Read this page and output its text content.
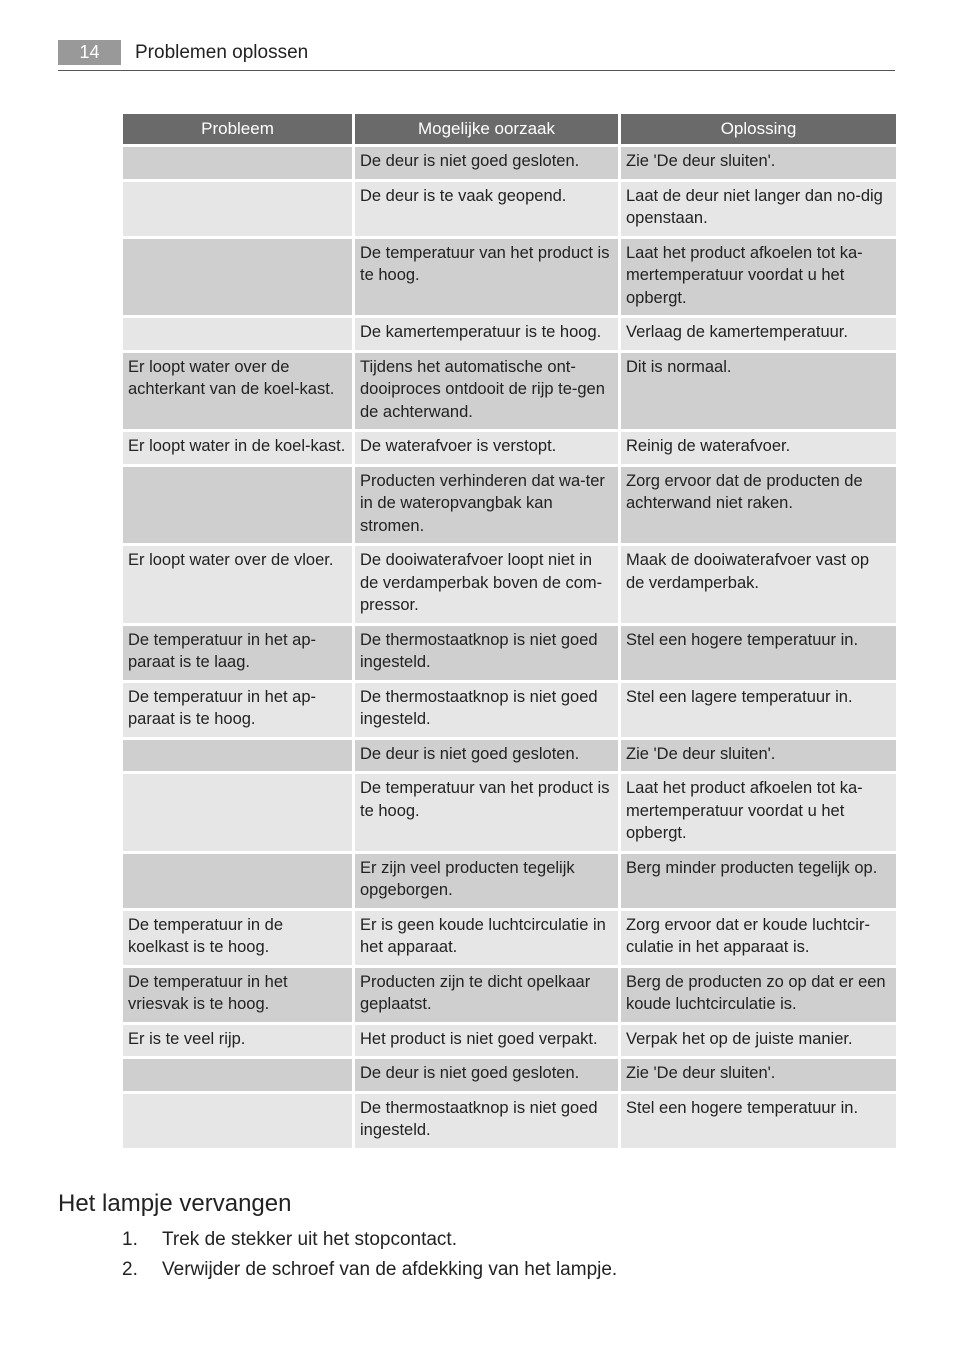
14	Problemen oplossen
Probleem	Mogelijke oorzaak	Oplossing
	De deur is niet goed gesloten.	Zie 'De deur sluiten'.
	De deur is te vaak geopend.	Laat de deur niet langer dan no-dig openstaan.
	De temperatuur van het product is te hoog.	Laat het product afkoelen tot ka-mertemperatuur voordat u het opbergt.
	De kamertemperatuur is te hoog.	Verlaag de kamertemperatuur.
Er loopt water over de achterkant van de koel-kast.	Tijdens het automatische ont-dooiproces ontdooit de rijp te-gen de achterwand.	Dit is normaal.
Er loopt water in de koel-kast.	De waterafvoer is verstopt.	Reinig de waterafvoer.
	Producten verhinderen dat wa-ter in de wateropvangbak kan stromen.	Zorg ervoor dat de producten de achterwand niet raken.
Er loopt water over de vloer.	De dooiwaterafvoer loopt niet in de verdamperbak boven de com-pressor.	Maak de dooiwaterafvoer vast op de verdamperbak.
De temperatuur in het ap-paraat is te laag.	De thermostaatknop is niet goed ingesteld.	Stel een hogere temperatuur in.
De temperatuur in het ap-paraat is te hoog.	De thermostaatknop is niet goed ingesteld.	Stel een lagere temperatuur in.
	De deur is niet goed gesloten.	Zie 'De deur sluiten'.
	De temperatuur van het product is te hoog.	Laat het product afkoelen tot ka-mertemperatuur voordat u het opbergt.
	Er zijn veel producten tegelijk opgeborgen.	Berg minder producten tegelijk op.
De temperatuur in de koelkast is te hoog.	Er is geen koude luchtcirculatie in het apparaat.	Zorg ervoor dat er koude luchtcir-culatie in het apparaat is.
De temperatuur in het vriesvak is te hoog.	Producten zijn te dicht opelkaar geplaatst.	Berg de producten zo op dat er een koude luchtcirculatie is.
Er is te veel rijp.	Het product is niet goed verpakt.	Verpak het op de juiste manier.
	De deur is niet goed gesloten.	Zie 'De deur sluiten'.
	De thermostaatknop is niet goed ingesteld.	Stel een hogere temperatuur in.
Het lampje vervangen
1. Trek de stekker uit het stopcontact.
2. Verwijder de schroef van de afdekking van het lampje.
